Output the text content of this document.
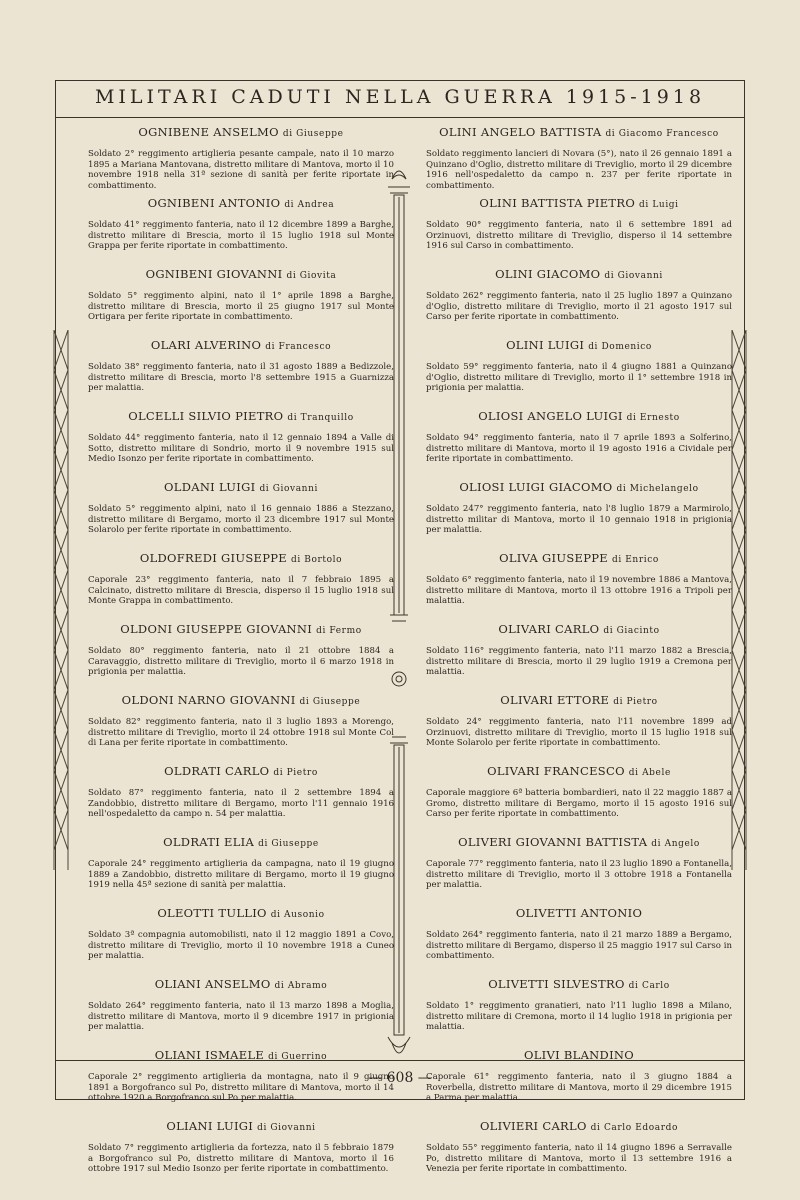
MILITARI CADUTI NELLA GUERRA 1915-1918
OGNIBENE ANSELMO di Giuseppe
Soldato 2° reggimento artiglieria pesante campale, nato il 10 marzo 1895 a Mariana Mantovana, distretto militare di Mantova, morto il 10 novembre 1918 nella 31ª sezione di sanità per ferite riportate in combattimento.
OGNIBENI ANTONIO di Andrea
Soldato 41° reggimento fanteria, nato il 12 dicembre 1899 a Barghe, distretto militare di Brescia, morto il 15 luglio 1918 sul Monte Grappa per ferite riportate in combattimento.
OGNIBENI GIOVANNI di Giovita
Soldato 5° reggimento alpini, nato il 1° aprile 1898 a Barghe, distretto militare di Brescia, morto il 25 giugno 1917 sul Monte Ortigara per ferite riportate in combattimento.
OLARI ALVERINO di Francesco
Soldato 38° reggimento fanteria, nato il 31 agosto 1889 a Bedizzole, distretto militare di Brescia, morto l'8 settembre 1915 a Guarnizza per malattia.
OLCELLI SILVIO PIETRO di Tranquillo
Soldato 44° reggimento fanteria, nato il 12 gennaio 1894 a Valle di Sotto, distretto militare di Sondrio, morto il 9 novembre 1915 sul Medio Isonzo per ferite riportate in combattimento.
OLDANI LUIGI di Giovanni
Soldato 5° reggimento alpini, nato il 16 gennaio 1886 a Stezzano, distretto militare di Bergamo, morto il 23 dicembre 1917 sul Monte Solarolo per ferite riportate in combattimento.
OLDOFREDI GIUSEPPE di Bortolo
Caporale 23° reggimento fanteria, nato il 7 febbraio 1895 a Calcinato, distretto militare di Brescia, disperso il 15 luglio 1918 sul Monte Grappa in combattimento.
OLDONI GIUSEPPE GIOVANNI di Fermo
Soldato 80° reggimento fanteria, nato il 21 ottobre 1884 a Caravaggio, distretto militare di Treviglio, morto il 6 marzo 1918 in prigionia per malattia.
OLDONI NARNO GIOVANNI di Giuseppe
Soldato 82° reggimento fanteria, nato il 3 luglio 1893 a Morengo, distretto militare di Treviglio, morto il 24 ottobre 1918 sul Monte Col di Lana per ferite riportate in combattimento.
OLDRATI CARLO di Pietro
Soldato 87° reggimento fanteria, nato il 2 settembre 1894 a Zandobbio, distretto militare di Bergamo, morto l'11 gennaio 1916 nell'ospedaletto da campo n. 54 per malattia.
OLDRATI ELIA di Giuseppe
Caporale 24° reggimento artiglieria da campagna, nato il 19 giugno 1889 a Zandobbio, distretto militare di Bergamo, morto il 19 giugno 1919 nella 45ª sezione di sanità per malattia.
OLEOTTI TULLIO di Ausonio
Soldato 3ª compagnia automobilisti, nato il 12 maggio 1891 a Covo, distretto militare di Treviglio, morto il 10 novembre 1918 a Cuneo per malattia.
OLIANI ANSELMO di Abramo
Soldato 264° reggimento fanteria, nato il 13 marzo 1898 a Moglia, distretto militare di Mantova, morto il 9 dicembre 1917 in prigionia per malattia.
OLIANI ISMAELE di Guerrino
Caporale 2° reggimento artiglieria da montagna, nato il 9 giugno 1891 a Borgofranco sul Po, distretto militare di Mantova, morto il 14 ottobre 1920 a Borgofranco sul Po per malattia.
OLIANI LUIGI di Giovanni
Soldato 7° reggimento artiglieria da fortezza, nato il 5 febbraio 1879 a Borgofranco sul Po, distretto militare di Mantova, morto il 16 ottobre 1917 sul Medio Isonzo per ferite riportate in combattimento.
OLINI ANGELO BATTISTA di Giacomo Francesco
Soldato reggimento lancieri di Novara (5°), nato il 26 gennaio 1891 a Quinzano d'Oglio, distretto militare di Treviglio, morto il 29 dicembre 1916 nell'ospedaletto da campo n. 237 per ferite riportate in combattimento.
OLINI BATTISTA PIETRO di Luigi
Soldato 90° reggimento fanteria, nato il 6 settembre 1891 ad Orzinuovi, distretto militare di Treviglio, disperso il 14 settembre 1916 sul Carso in combattimento.
OLINI GIACOMO di Giovanni
Soldato 262° reggimento fanteria, nato il 25 luglio 1897 a Quinzano d'Oglio, distretto militare di Treviglio, morto il 21 agosto 1917 sul Carso per ferite riportate in combattimento.
OLINI LUIGI di Domenico
Soldato 59° reggimento fanteria, nato il 4 giugno 1881 a Quinzano d'Oglio, distretto militare di Treviglio, morto il 1° settembre 1918 in prigionia per malattia.
OLIOSI ANGELO LUIGI di Ernesto
Soldato 94° reggimento fanteria, nato il 7 aprile 1893 a Solferino, distretto militare di Mantova, morto il 19 agosto 1916 a Cividale per ferite riportate in combattimento.
OLIOSI LUIGI GIACOMO di Michelangelo
Soldato 247° reggimento fanteria, nato l'8 luglio 1879 a Marmirolo, distretto militar di Mantova, morto il 10 gennaio 1918 in prigionia per malattia.
OLIVA GIUSEPPE di Enrico
Soldato 6° reggimento fanteria, nato il 19 novembre 1886 a Mantova, distretto militare di Mantova, morto il 13 ottobre 1916 a Tripoli per malattia.
OLIVARI CARLO di Giacinto
Soldato 116° reggimento fanteria, nato l'11 marzo 1882 a Brescia, distretto militare di Brescia, morto il 29 luglio 1919 a Cremona per malattia.
OLIVARI ETTORE di Pietro
Soldato 24° reggimento fanteria, nato l'11 novembre 1899 ad Orzinuovi, distretto militare di Treviglio, morto il 15 luglio 1918 sul Monte Solarolo per ferite riportate in combattimento.
OLIVARI FRANCESCO di Abele
Caporale maggiore 6ª batteria bombardieri, nato il 22 maggio 1887 a Gromo, distretto militare di Bergamo, morto il 15 agosto 1916 sul Carso per ferite riportate in combattimento.
OLIVERI GIOVANNI BATTISTA di Angelo
Caporale 77° reggimento fanteria, nato il 23 luglio 1890 a Fontanella, distretto militare di Treviglio, morto il 3 ottobre 1918 a Fontanella per malattia.
OLIVETTI ANTONIO
Soldato 264° reggimento fanteria, nato il 21 marzo 1889 a Bergamo, distretto militare di Bergamo, disperso il 25 maggio 1917 sul Carso in combattimento.
OLIVETTI SILVESTRO di Carlo
Soldato 1° reggimento granatieri, nato l'11 luglio 1898 a Milano, distretto militare di Cremona, morto il 14 luglio 1918 in prigionia per malattia.
OLIVI BLANDINO
Caporale 61° reggimento fanteria, nato il 3 giugno 1884 a Roverbella, distretto militare di Mantova, morto il 29 dicembre 1915 a Parma per malattia.
OLIVIERI CARLO di Carlo Edoardo
Soldato 55° reggimento fanteria, nato il 14 giugno 1896 a Serravalle Po, distretto militare di Mantova, morto il 13 settembre 1916 a Venezia per ferite riportate in combattimento.
— 608 —
